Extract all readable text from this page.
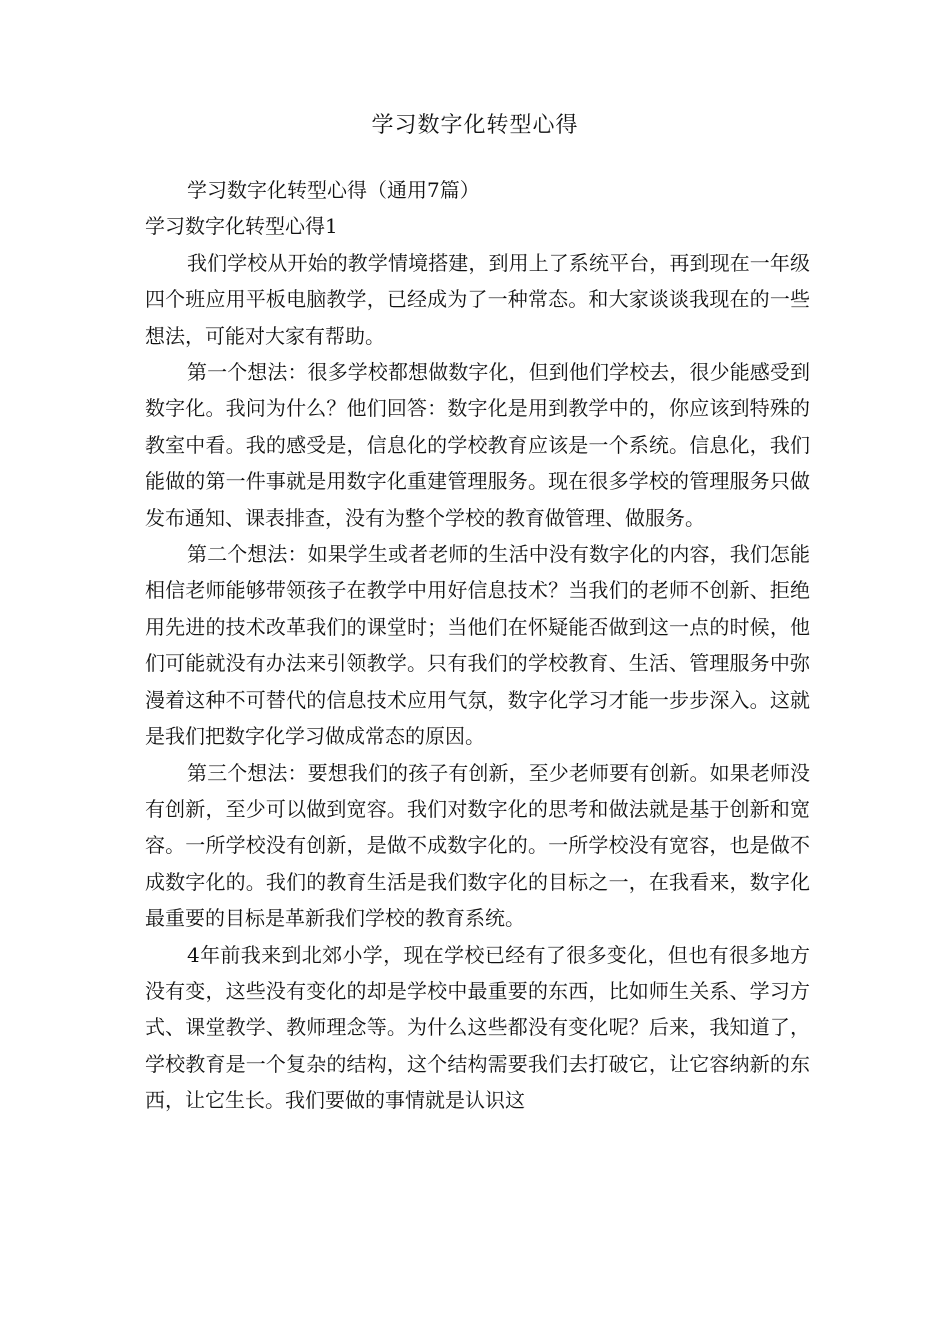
学习数字化转型心得

学习数字化转型心得（通用7篇）

学习数字化转型心得1

我们学校从开始的教学情境搭建，到用上了系统平台，再到现在一年级四个班应用平板电脑教学，已经成为了一种常态。和大家谈谈我现在的一些想法，可能对大家有帮助。

第一个想法：很多学校都想做数字化，但到他们学校去，很少能感受到数字化。我问为什么？他们回答：数字化是用到教学中的，你应该到特殊的教室中看。我的感受是，信息化的学校教育应该是一个系统。信息化，我们能做的第一件事就是用数字化重建管理服务。现在很多学校的管理服务只做发布通知、课表排查，没有为整个学校的教育做管理、做服务。

第二个想法：如果学生或者老师的生活中没有数字化的内容，我们怎能相信老师能够带领孩子在教学中用好信息技术？当我们的老师不创新、拒绝用先进的技术改革我们的课堂时；当他们在怀疑能否做到这一点的时候，他们可能就没有办法来引领教学。只有我们的学校教育、生活、管理服务中弥漫着这种不可替代的信息技术应用气氛，数字化学习才能一步步深入。这就是我们把数字化学习做成常态的原因。

第三个想法：要想我们的孩子有创新，至少老师要有创新。如果老师没有创新，至少可以做到宽容。我们对数字化的思考和做法就是基于创新和宽容。一所学校没有创新，是做不成数字化的。一所学校没有宽容，也是做不成数字化的。我们的教育生活是我们数字化的目标之一，在我看来，数字化最重要的目标是革新我们学校的教育系统。

4年前我来到北郊小学，现在学校已经有了很多变化，但也有很多地方没有变，这些没有变化的却是学校中最重要的东西，比如师生关系、学习方式、课堂教学、教师理念等。为什么这些都没有变化呢？后来，我知道了，学校教育是一个复杂的结构，这个结构需要我们去打破它，让它容纳新的东西，让它生长。我们要做的事情就是认识这
